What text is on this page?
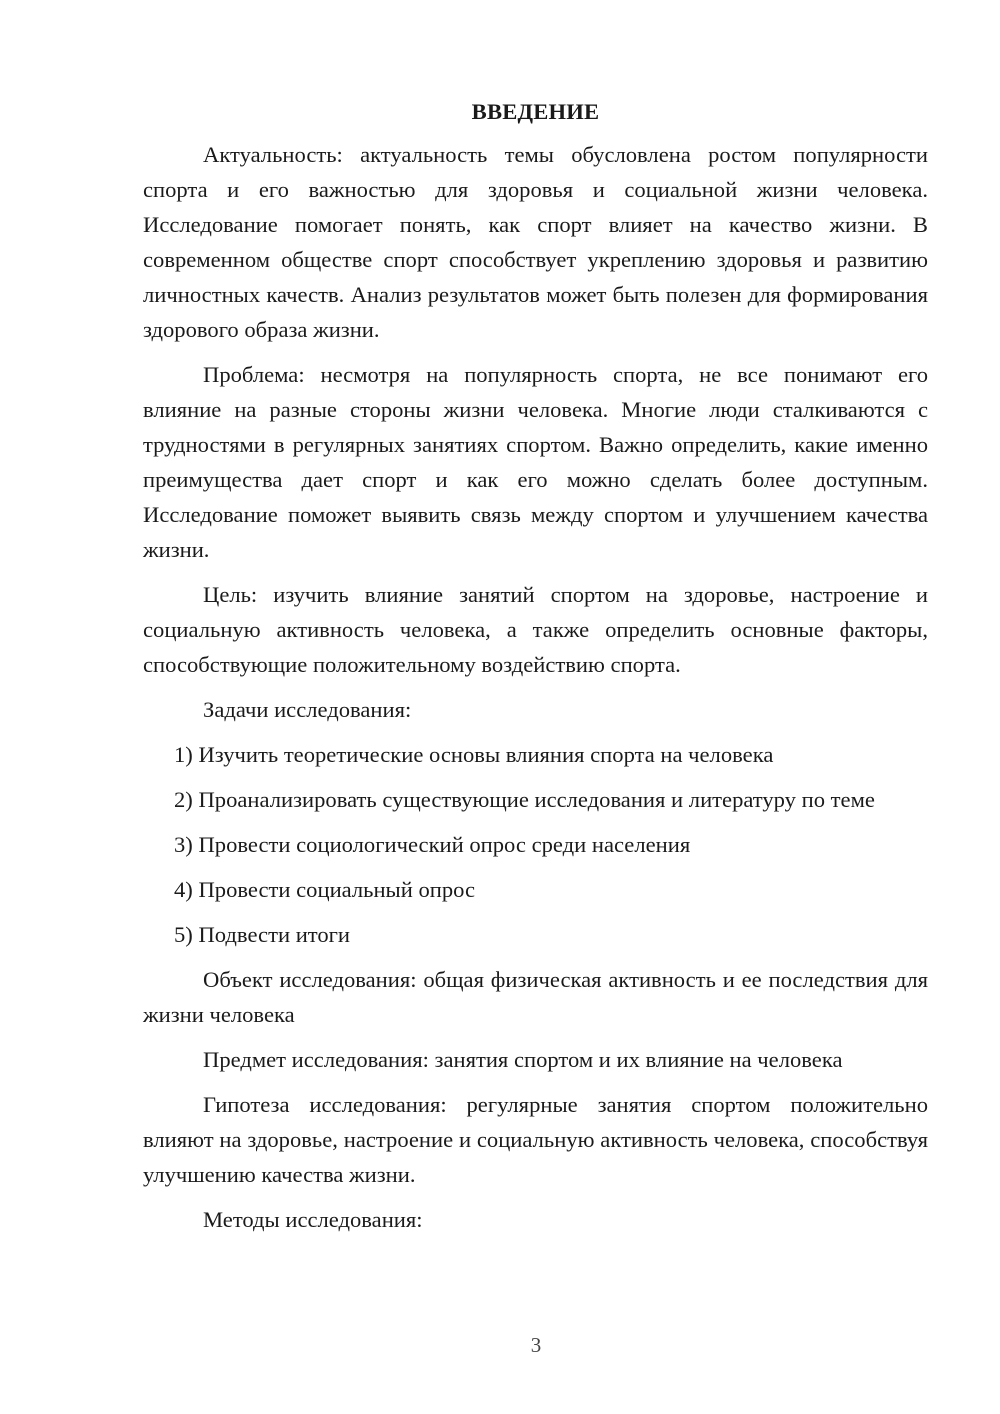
ВВЕДЕНИЕ

Актуальность: актуальность темы обусловлена ростом популярности спорта и его важностью для здоровья и социальной жизни человека. Исследование помогает понять, как спорт влияет на качество жизни. В современном обществе спорт способствует укреплению здоровья и развитию личностных качеств. Анализ результатов может быть полезен для формирования здорового образа жизни.

Проблема: несмотря на популярность спорта, не все понимают его влияние на разные стороны жизни человека. Многие люди сталкиваются с трудностями в регулярных занятиях спортом. Важно определить, какие именно преимущества дает спорт и как его можно сделать более доступным. Исследование поможет выявить связь между спортом и улучшением качества жизни.

Цель: изучить влияние занятий спортом на здоровье, настроение и социальную активность человека, а также определить основные факторы, способствующие положительному воздействию спорта.

Задачи исследования:

1) Изучить теоретические основы влияния спорта на человека

2) Проанализировать существующие исследования и литературу по теме

3) Провести социологический опрос среди населения

4) Провести социальный опрос

5) Подвести итоги

Объект исследования: общая физическая активность и ее последствия для жизни человека

Предмет исследования: занятия спортом и их влияние на человека

Гипотеза исследования: регулярные занятия спортом положительно влияют на здоровье, настроение и социальную активность человека, способствуя улучшению качества жизни.

Методы исследования:

3
